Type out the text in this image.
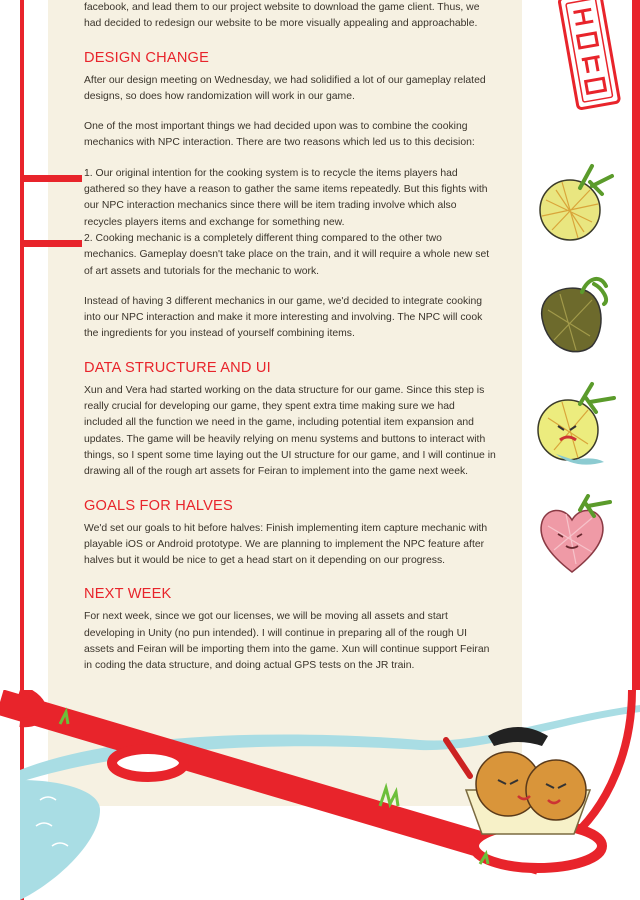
facebook, and lead them to our project website to download the game client. Thus, we had decided to redesign our website to be more visually appealing and approachable.

DESIGN CHANGE

After our design meeting on Wednesday, we had solidified a lot of our gameplay related designs, so does how randomization will work in our game.

One of the most important things we had decided upon was to combine the cooking mechanics with NPC interaction. There are two reasons which led us to this decision:

1. Our original intention for the cooking system is to recycle the items players had gathered so they have a reason to gather the same items repeatedly. But this fights with our NPC interaction mechanics since there will be item trading involve which also recycles players items and exchange for something new.

2. Cooking mechanic is a completely different thing compared to the other two mechanics. Gameplay doesn't take place on the train, and it will require a whole new set of art assets and tutorials for the mechanic to work.

Instead of having 3 different mechanics in our game, we'd decided to integrate cooking into our NPC interaction and make it more interesting and involving. The NPC will cook the ingredients for you instead of yourself combining items.

DATA STRUCTURE AND UI

Xun and Vera had started working on the data structure for our game. Since this step is really crucial for developing our game, they spent extra time making sure we had included all the function we need in the game, including potential item expansion and updates. The game will be heavily relying on menu systems and buttons to interact with things, so I spent some time laying out the UI structure for our game, and I will continue in drawing all of the rough art assets for Feiran to implement into the game next week.

GOALS FOR HALVES

We'd set our goals to hit before halves: Finish implementing item capture mechanic with playable iOS or Android prototype. We are planning to implement the NPC feature after halves but it would be nice to get a head start on it depending on our progress.

NEXT WEEK

For next week, since we got our licenses, we will be moving all assets and start developing in Unity (no pun intended). I will continue in preparing all of the rough UI assets and Feiran will be importing them into the game. Xun will continue support Feiran in coding the data structure, and doing actual GPS tests on the JR train.
